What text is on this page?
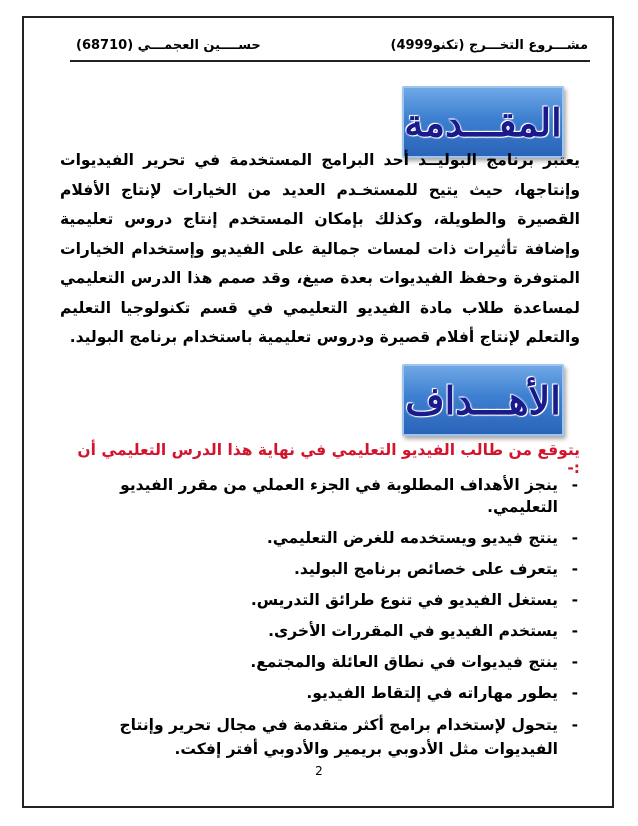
مشـــروع التخـــرج (تكنو4999)
حســــين العجمـــي (68710)
المقـــدمة
يعتبر برنامج البوليــد أحد البرامج المستخدمة في تحرير الفيديوات وإنتاجها، حيث يتيح للمستخـدم العديد من الخيارات لإنتاج الأفلام القصيرة والطويلة، وكذلك بإمكان المستخدم إنتاج دروس تعليمية وإضافة تأثيرات ذات لمسات جمالية على الفيديو وإستخدام الخيارات المتوفرة وحفظ الفيديوات بعدة صيغ، وقد صمم هذا الدرس التعليمي لمساعدة طلاب مادة الفيديو التعليمي في قسم تكنولوجيا التعليم والتعلم لإنتاج أفلام قصيرة ودروس تعليمية باستخدام برنامج البوليد.
الأهـــداف
يتوقع من طالب الفيديو التعليمي في نهاية هذا الدرس التعليمي أن :-
-
ينجز الأهداف المطلوبة في الجزء العملي من مقرر الفيديو التعليمي.
-
ينتج فيديو ويستخدمه للغرض التعليمي.
-
يتعرف على خصائص برنامج البوليد.
-
يستغل الفيديو في تنوع طرائق التدريس.
-
يستخدم الفيديو في المقررات الأخرى.
-
ينتج فيديوات في نطاق العائلة والمجتمع.
-
يطور مهاراته في إلتقاط الفيديو.
-
يتحول لإستخدام برامج أكثر متقدمة في مجال تحرير وإنتاج الفيديوات مثل الأدوبي بريمير والأدوبي أفتر إفكت.
2
